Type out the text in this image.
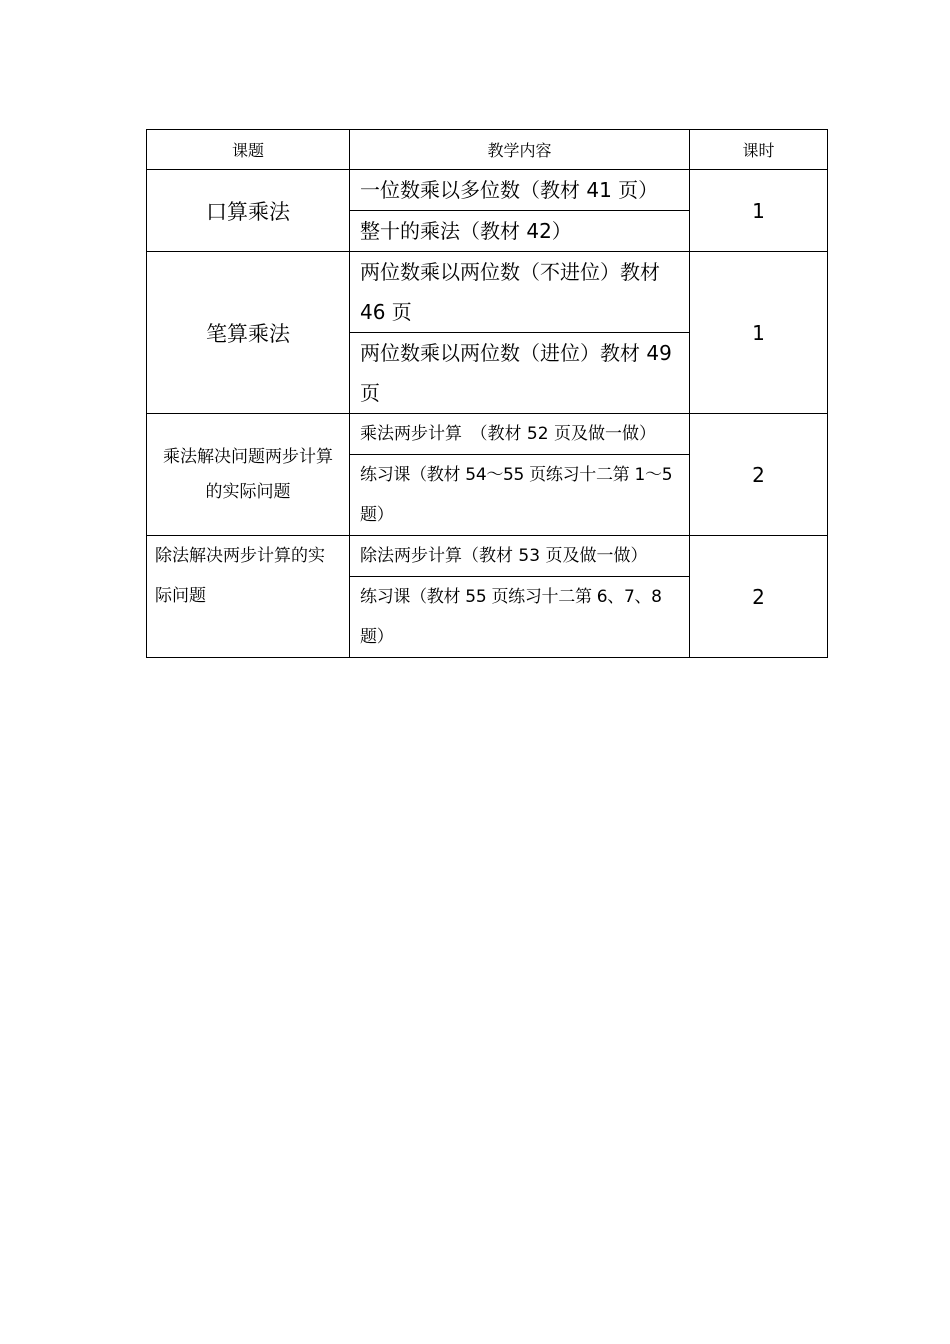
课题	教学内容	课时
口算乘法	一位数乘以多位数（教材 41 页）	1
	整十的乘法（教材 42）	
笔算乘法	两位数乘以两位数（不进位）教材 46 页	1
	两位数乘以两位数（进位）教材 49 页	
乘法解决问题两步计算的实际问题	乘法两步计算　（教材 52 页及做一做）	2
	练习课（教材 54～55 页练习十二第 1～5 题）	
除法解决两步计算的实际问题	除法两步计算（教材 53 页及做一做）	2
	练习课（教材 55 页练习十二第 6、7、8 题）	
